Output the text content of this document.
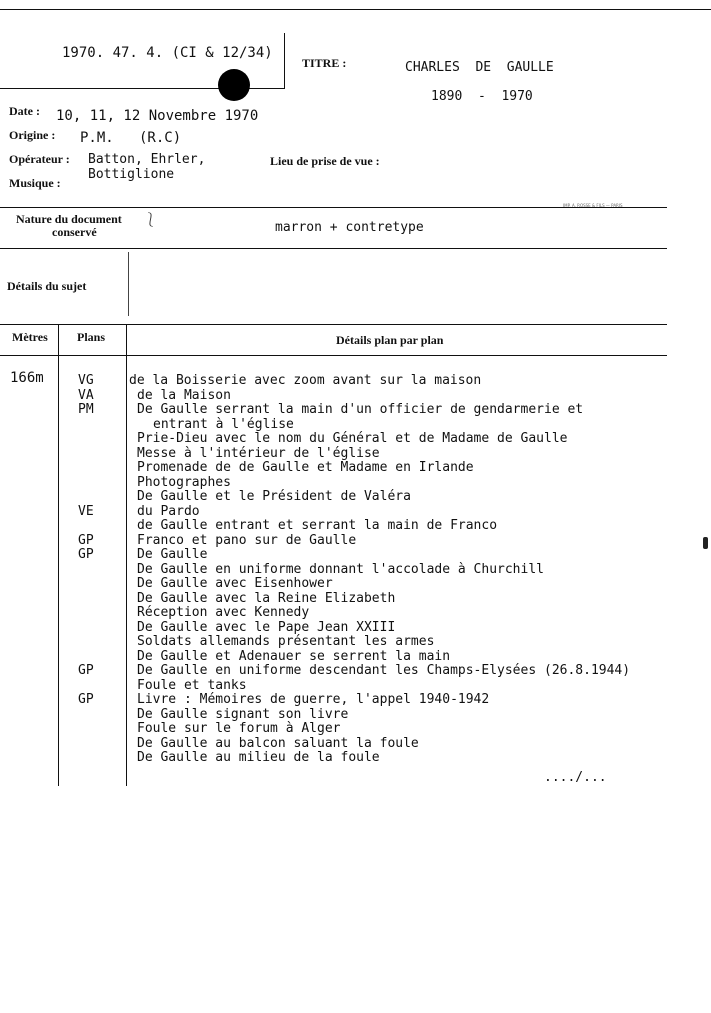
1970. 47. 4. (CI & 12/34)
TITRE :	CHARLES  DE  GAULLE
1890  -  1970
Date : 10, 11, 12 Novembre 1970
Origine : P.M.   (R.C)
Opérateur : Batton, Ehrler,
Bottiglione
Musique :
Lieu de prise de vue :
IMP. A. ROSSE & FILS — PARIS
Nature du document
conservé
⎱
marron + contretype
Détails du sujet
Mètres Plans	Détails plan par plan
166m	VG	de la Boisserie avec zoom avant sur la maison
VA	de la Maison
PM	De Gaulle serrant la main d'un officier de gendarmerie et
entrant à l'église
Prie-Dieu avec le nom du Général et de Madame de Gaulle
Messe à l'intérieur de l'église
Promenade de de Gaulle et Madame en Irlande
Photographes
De Gaulle et le Président de Valéra
VE	du Pardo
de Gaulle entrant et serrant la main de Franco
GP	Franco et pano sur de Gaulle
GP	De Gaulle
De Gaulle en uniforme donnant l'accolade à Churchill
De Gaulle avec Eisenhower
De Gaulle avec la Reine Elizabeth
Réception avec Kennedy
De Gaulle avec le Pape Jean XXIII
Soldats allemands présentant les armes
De Gaulle et Adenauer se serrent la main
GP	De Gaulle en uniforme descendant les Champs-Elysées (26.8.1944)
Foule et tanks
GP	Livre : Mémoires de guerre, l'appel 1940-1942
De Gaulle signant son livre
Foule sur le forum à Alger
De Gaulle au balcon saluant la foule
De Gaulle au milieu de la foule
..../...
